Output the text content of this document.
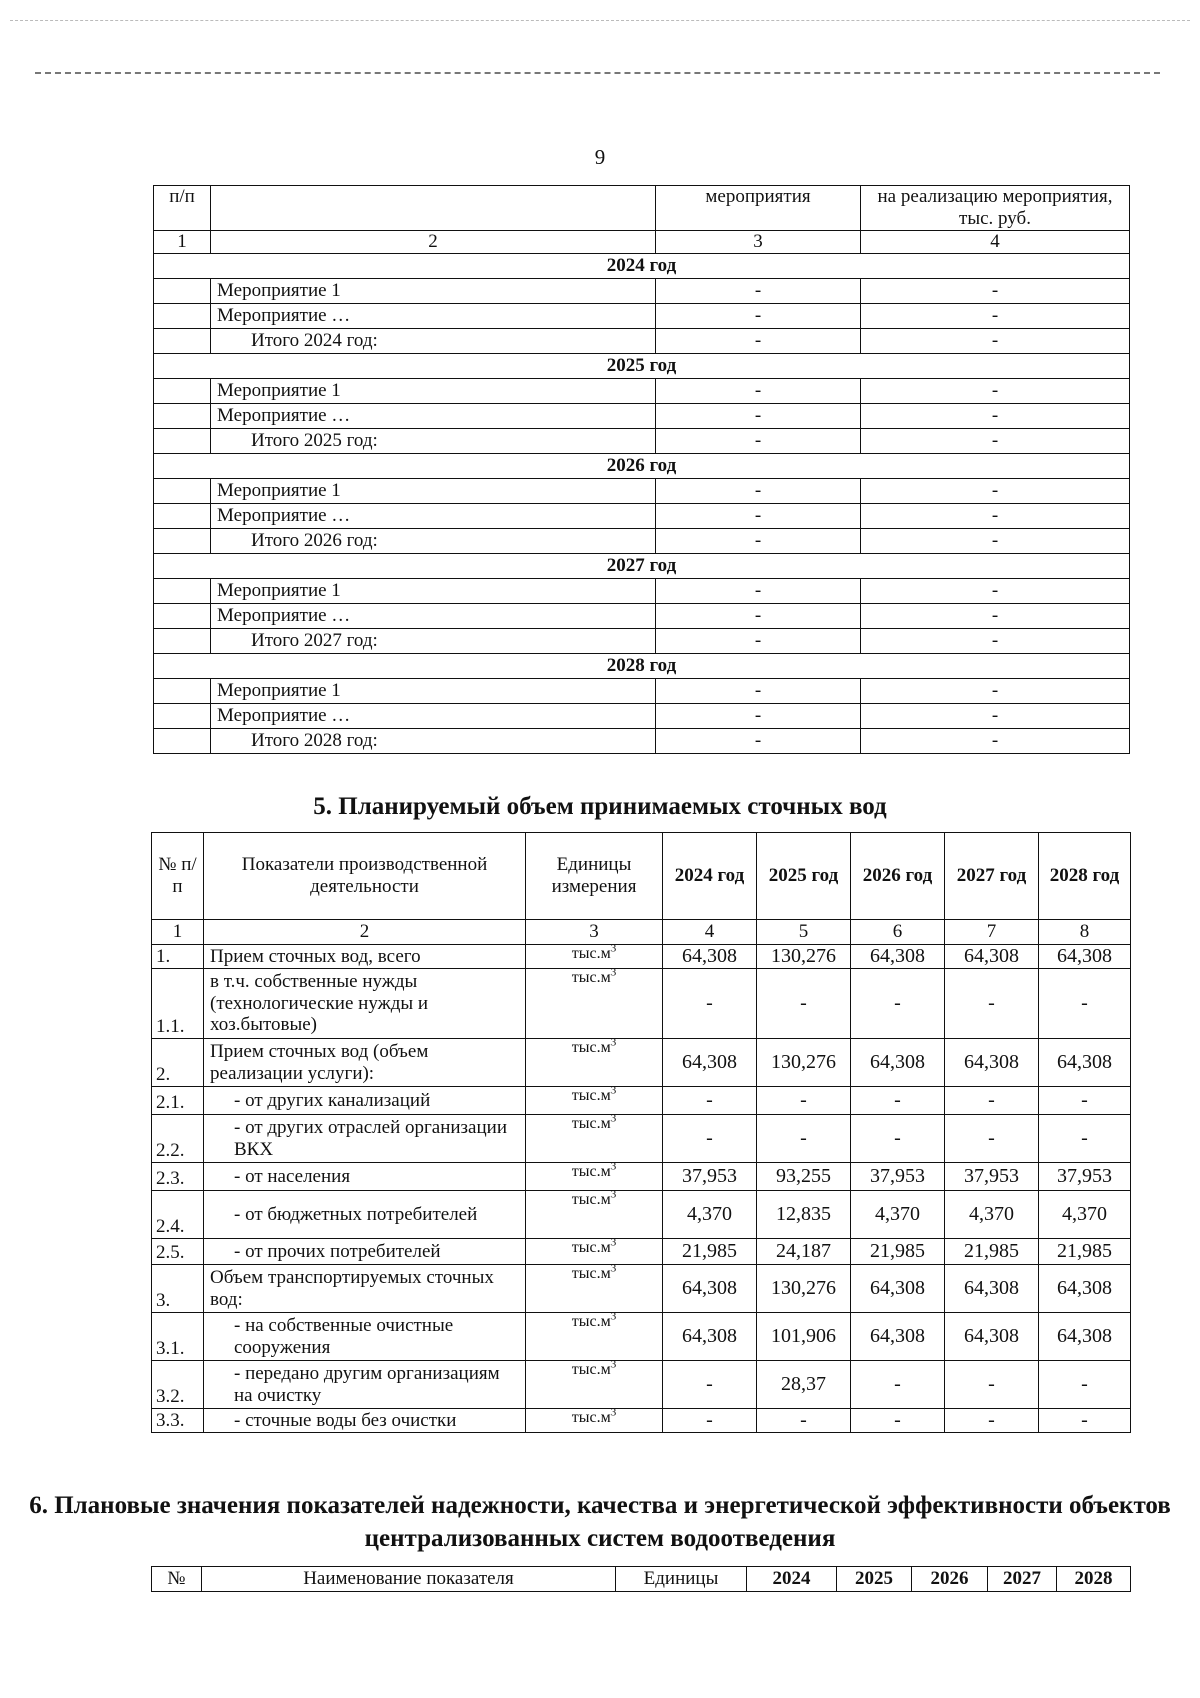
9
п/п		мероприятия	на реализацию мероприятия, тыс. руб.
1	2	3	4
2024 год			
	Мероприятие 1	-	-
	Мероприятие …	-	-
	Итого 2024 год:	-	-
2025 год			
	Мероприятие 1	-	-
	Мероприятие …	-	-
	Итого 2025 год:	-	-
2026 год			
	Мероприятие 1	-	-
	Мероприятие …	-	-
	Итого 2026 год:	-	-
2027 год			
	Мероприятие 1	-	-
	Мероприятие …	-	-
	Итого 2027 год:	-	-
2028 год			
	Мероприятие 1	-	-
	Мероприятие …	-	-
	Итого 2028 год:	-	-
5. Планируемый объем принимаемых сточных вод
№ п/п	Показатели производственной деятельности	Единицы измерения	2024 год	2025 год	2026 год	2027 год	2028 год
1	2	3	4	5	6	7	8
1.	Прием сточных вод, всего	$тыс.м^3$	64,308	130,276	64,308	64,308	64,308
1.1.	в т.ч. собственные нужды (технологические нужды и хоз.бытовые)	$тыс.м^3$	-	-	-	-	-
2.	Прием сточных вод (объем реализации услуги):	$тыс.м^3$	64,308	130,276	64,308	64,308	64,308
2.1.	- от других канализаций	$тыс.м^3$	-	-	-	-	-
2.2.	- от других отраслей организации ВКХ	$тыс.м^3$	-	-	-	-	-
2.3.	- от населения	$тыс.м^3$	37,953	93,255	37,953	37,953	37,953
2.4.	- от бюджетных потребителей	$тыс.м^3$	4,370	12,835	4,370	4,370	4,370
2.5.	- от прочих потребителей	$тыс.м^3$	21,985	24,187	21,985	21,985	21,985
3.	Объем транспортируемых сточных вод:	$тыс.м^3$	64,308	130,276	64,308	64,308	64,308
3.1.	- на собственные очистные сооружения	$тыс.м^3$	64,308	101,906	64,308	64,308	64,308
3.2.	- передано другим организациям на очистку	$тыс.м^3$	-	28,37	-	-	-
3.3.	- сточные воды без очистки	$тыс.м^3$	-	-	-	-	-
6. Плановые значения показателей надежности, качества и энергетической эффективности объектов централизованных систем водоотведения
№	Наименование показателя	Единицы	2024	2025	2026	2027	2028
